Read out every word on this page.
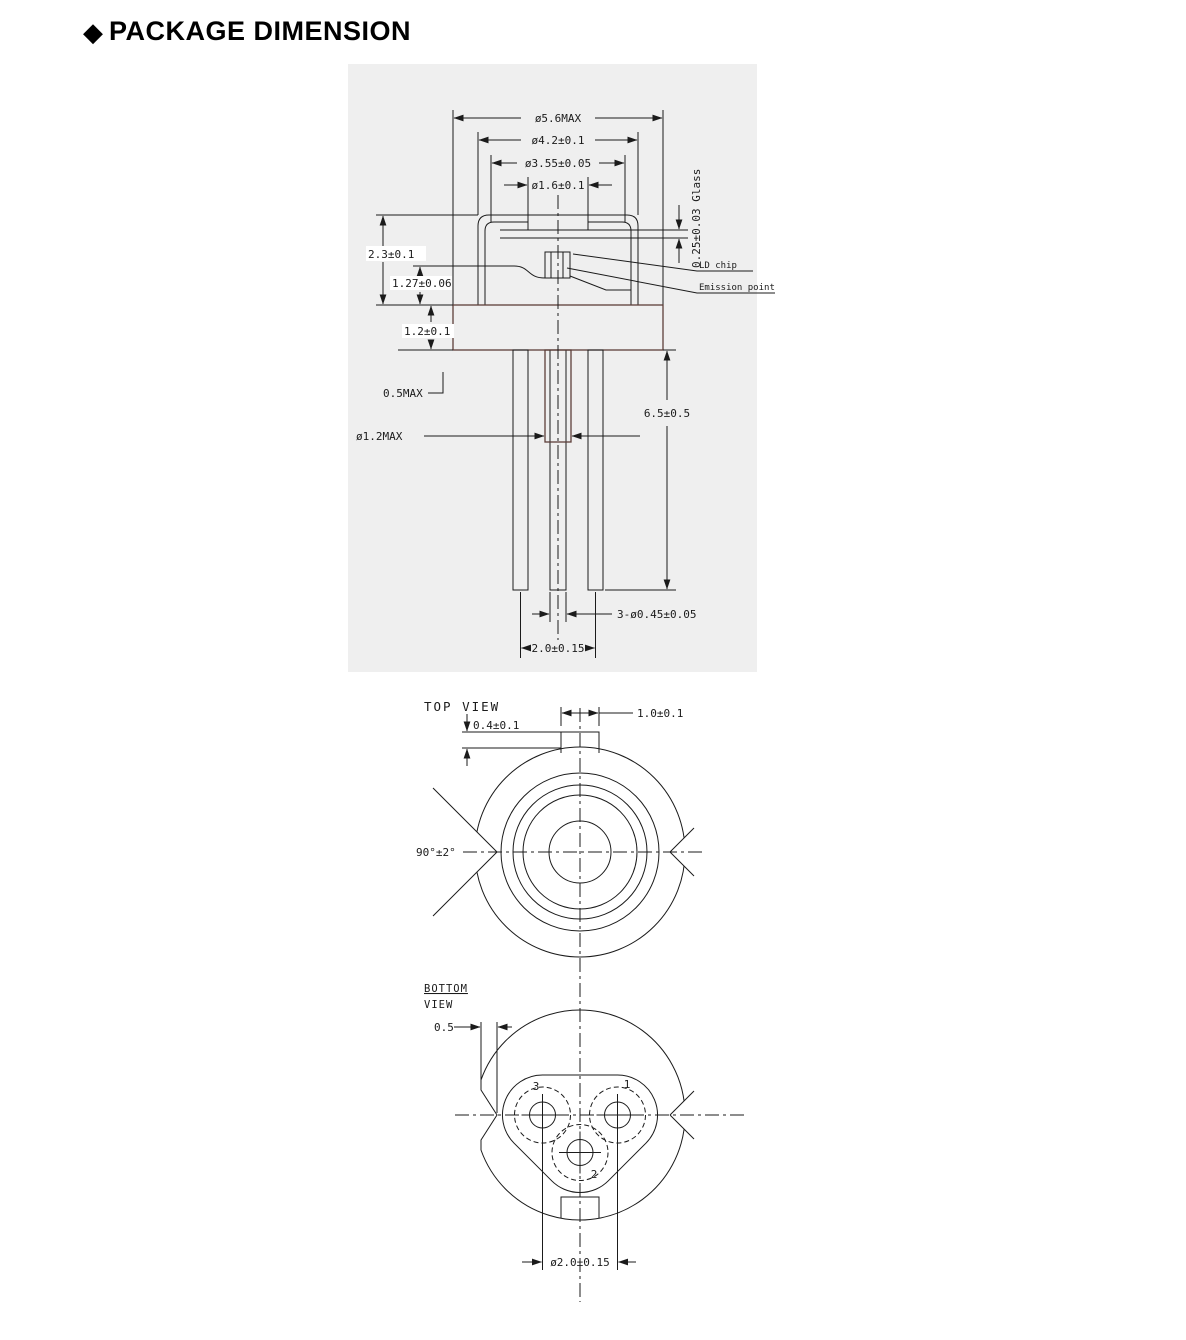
◆ PACKAGE DIMENSION
ø5.6MAX
ø4.2±0.1
ø3.55±0.05
ø1.6±0.1	0.25±0.03 Glass
LD chip
Emission point
2.3±0.1
1.27±0.06
1.2±0.1
0.5MAX
ø1.2MAX
6.5±0.5
3-ø0.45±0.05
2.0±0.15
TOP VIEW	1.0±0.1
0.4±0.1
90°±2°
BOTTOM
VIEW
0.5
3	1
2
ø2.0±0.15
